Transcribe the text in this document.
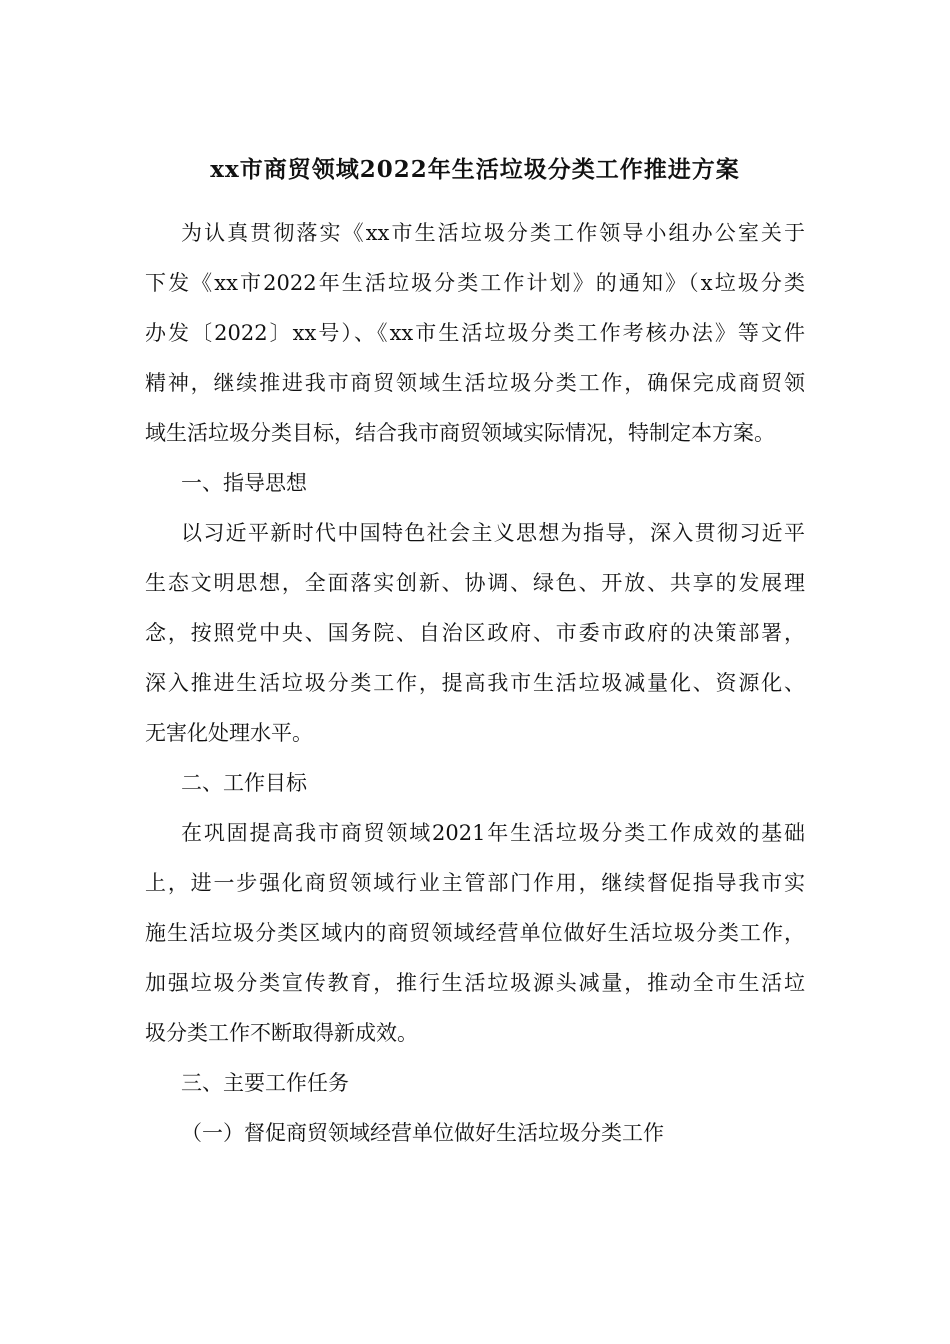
xx市商贸领域2022年生活垃圾分类工作推进方案
为认真贯彻落实《xx市生活垃圾分类工作领导小组办公室关于
下发《xx市2022年生活垃圾分类工作计划》的通知》（x垃圾分类
办发〔2022〕xx号）、《xx市生活垃圾分类工作考核办法》等文件
精神，继续推进我市商贸领域生活垃圾分类工作，确保完成商贸领
域生活垃圾分类目标，结合我市商贸领域实际情况，特制定本方案。
一、指导思想
以习近平新时代中国特色社会主义思想为指导，深入贯彻习近平
生态文明思想，全面落实创新、协调、绿色、开放、共享的发展理
念，按照党中央、国务院、自治区政府、市委市政府的决策部署，
深入推进生活垃圾分类工作，提高我市生活垃圾减量化、资源化、
无害化处理水平。
二、工作目标
在巩固提高我市商贸领域2021年生活垃圾分类工作成效的基础
上，进一步强化商贸领域行业主管部门作用，继续督促指导我市实
施生活垃圾分类区域内的商贸领域经营单位做好生活垃圾分类工作，
加强垃圾分类宣传教育，推行生活垃圾源头减量，推动全市生活垃
圾分类工作不断取得新成效。
三、主要工作任务
（一）督促商贸领域经营单位做好生活垃圾分类工作
